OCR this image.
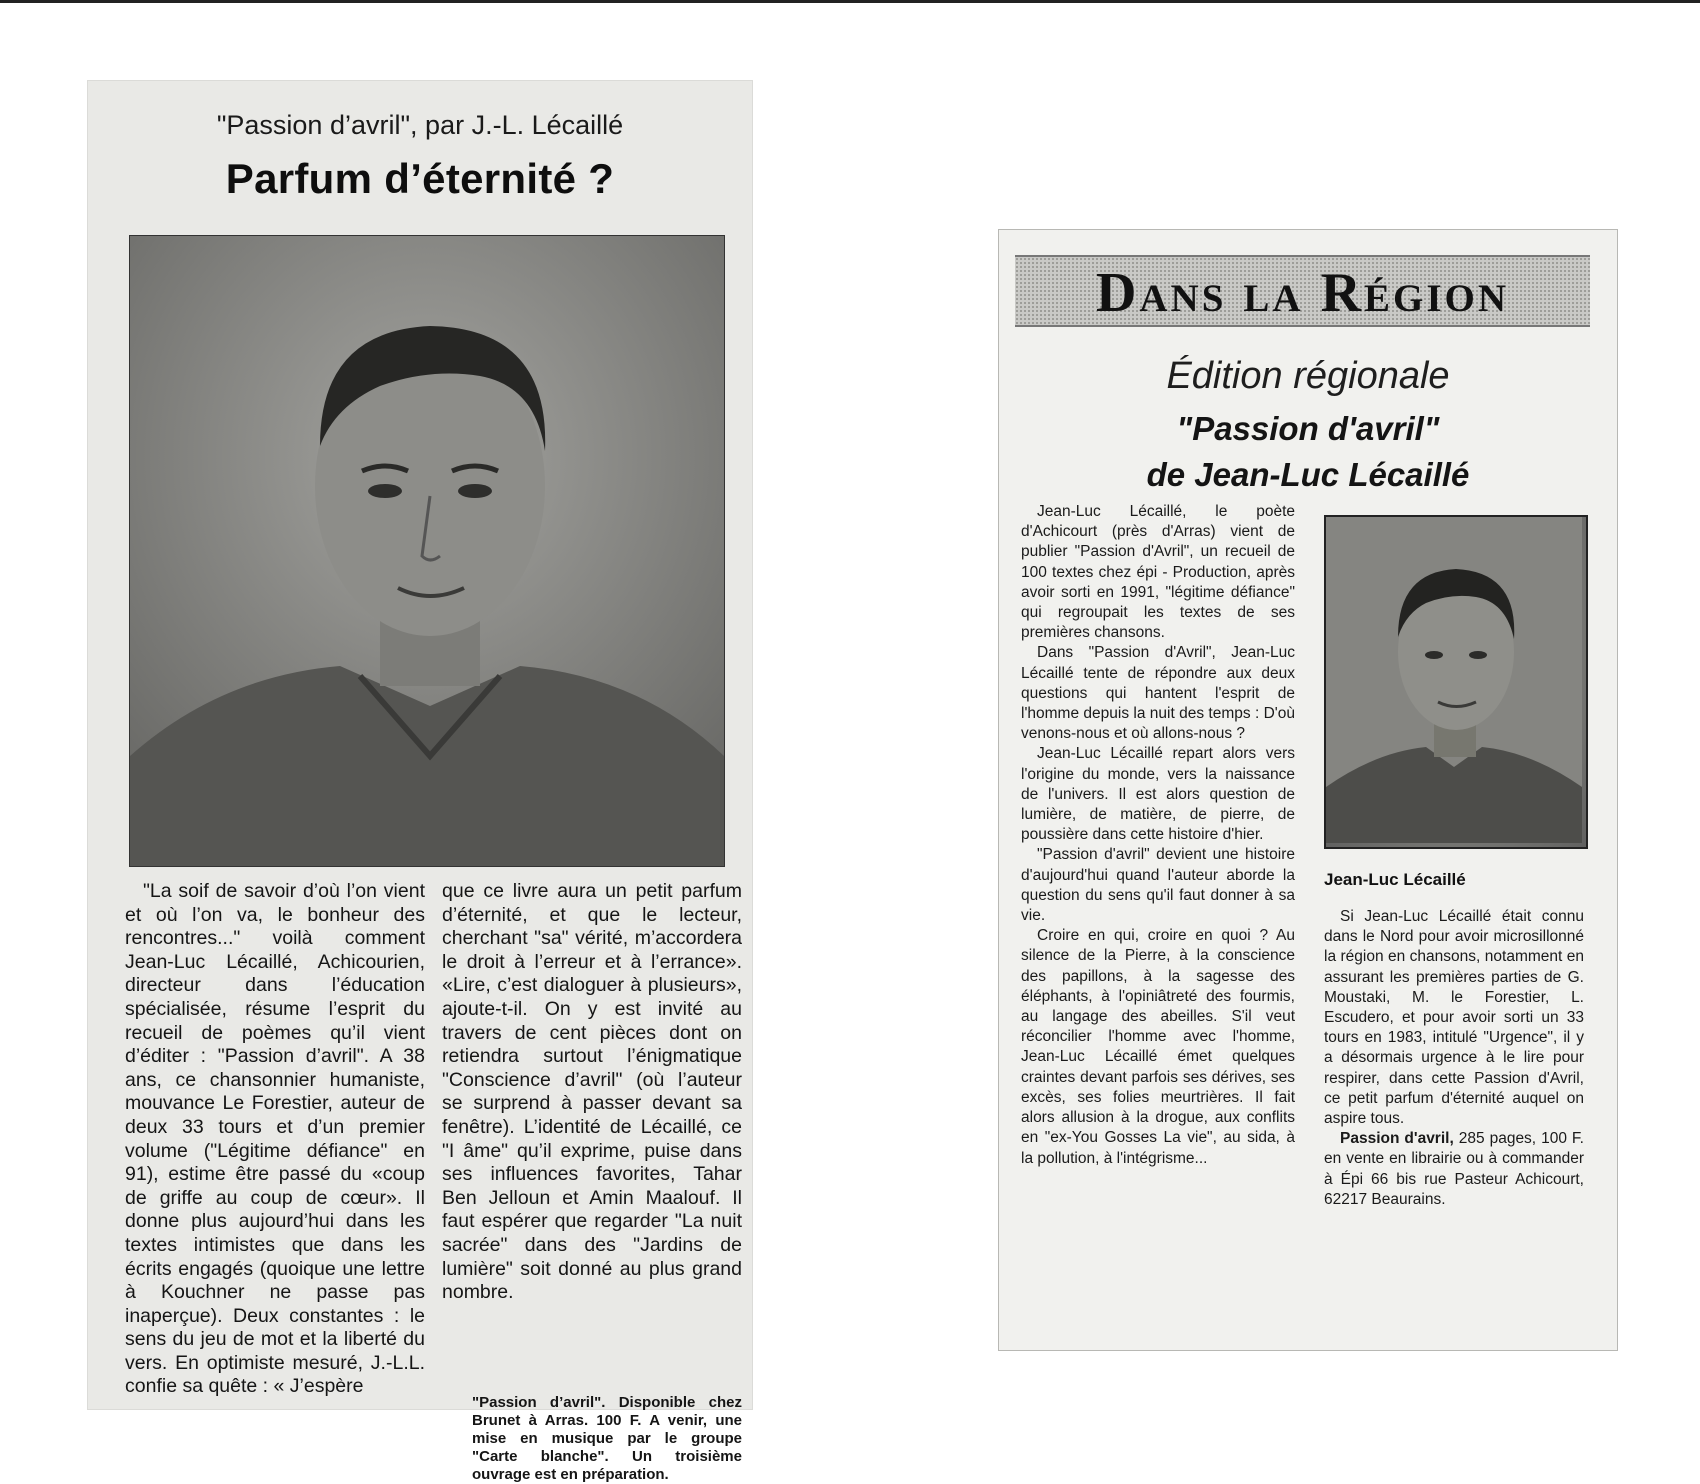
"Passion d’avril", par J.-L. Lécaillé
Parfum d’éternité ?

"La soif de savoir d’où l’on vient et où l’on va, le bonheur des rencontres..." voilà comment Jean-Luc Lécaillé, Achicourien, directeur dans l’éducation spécialisée, résume l’esprit du recueil de poèmes qu’il vient d’éditer : "Passion d’avril". A 38 ans, ce chansonnier humaniste, mouvance Le Forestier, auteur de deux 33 tours et d’un premier volume ("Légitime défiance" en 91), estime être passé du «coup de griffe au coup de cœur». Il donne plus aujourd’hui dans les textes intimistes que dans les écrits engagés (quoique une lettre à Kouchner ne passe pas inaperçue). Deux constantes : le sens du jeu de mot et la liberté du vers. En optimiste mesuré, J.-L.L. confie sa quête : « J’espère

que ce livre aura un petit parfum d’éternité, et que le lecteur, cherchant "sa" vérité, m’accordera le droit à l’erreur et à l’errance». «Lire, c’est dialoguer à plusieurs», ajoute-t-il. On y est invité au travers de cent pièces dont on retiendra surtout l’énigmatique "Conscience d’avril" (où l’auteur se surprend à passer devant sa fenêtre). L’identité de Lécaillé, ce "I âme" qu’il exprime, puise dans ses influences favorites, Tahar Ben Jelloun et Amin Maalouf. Il faut espérer que regarder "La nuit sacrée" dans des "Jardins de lumière" soit donné au plus grand nombre.

"Passion d’avril". Disponible chez Brunet à Arras. 100 F. A venir, une mise en musique par le groupe "Carte blanche". Un troisième ouvrage est en préparation.
Dans la Région
Édition régionale
"Passion d'avril"
de Jean-Luc Lécaillé

Jean-Luc Lécaillé, le poète d'Achicourt (près d'Arras) vient de publier "Passion d'Avril", un recueil de 100 textes chez épi - Production, après avoir sorti en 1991, "légitime défiance" qui regroupait les textes de ses premières chansons.

Dans "Passion d'Avril", Jean-Luc Lécaillé tente de répondre aux deux questions qui hantent l'esprit de l'homme depuis la nuit des temps : D'où venons-nous et où allons-nous ?

Jean-Luc Lécaillé repart alors vers l'origine du monde, vers la naissance de l'univers. Il est alors question de lumière, de matière, de pierre, de poussière dans cette histoire d'hier.

"Passion d'avril" devient une histoire d'aujourd'hui quand l'auteur aborde la question du sens qu'il faut donner à sa vie.

Croire en qui, croire en quoi ? Au silence de la Pierre, à la conscience des papillons, à la sagesse des éléphants, à l'opiniâtreté des fourmis, au langage des abeilles. S'il veut réconcilier l'homme avec l'homme, Jean-Luc Lécaillé émet quelques craintes devant parfois ses dérives, ses excès, ses folies meurtrières. Il fait alors allusion à la drogue, aux conflits en "ex-You Gosses La vie", au sida, à la pollution, à l'intégrisme...

Jean-Luc Lécaillé

Si Jean-Luc Lécaillé était connu dans le Nord pour avoir microsillonné la région en chansons, notamment en assurant les premières parties de G. Moustaki, M. le Forestier, L. Escudero, et pour avoir sorti un 33 tours en 1983, intitulé "Urgence", il y a désormais urgence à le lire pour respirer, dans cette Passion d'Avril, ce petit parfum d'éternité auquel on aspire tous.

Passion d'avril, 285 pages, 100 F. en vente en librairie ou à commander à Épi 66 bis rue Pasteur Achicourt, 62217 Beaurains.
